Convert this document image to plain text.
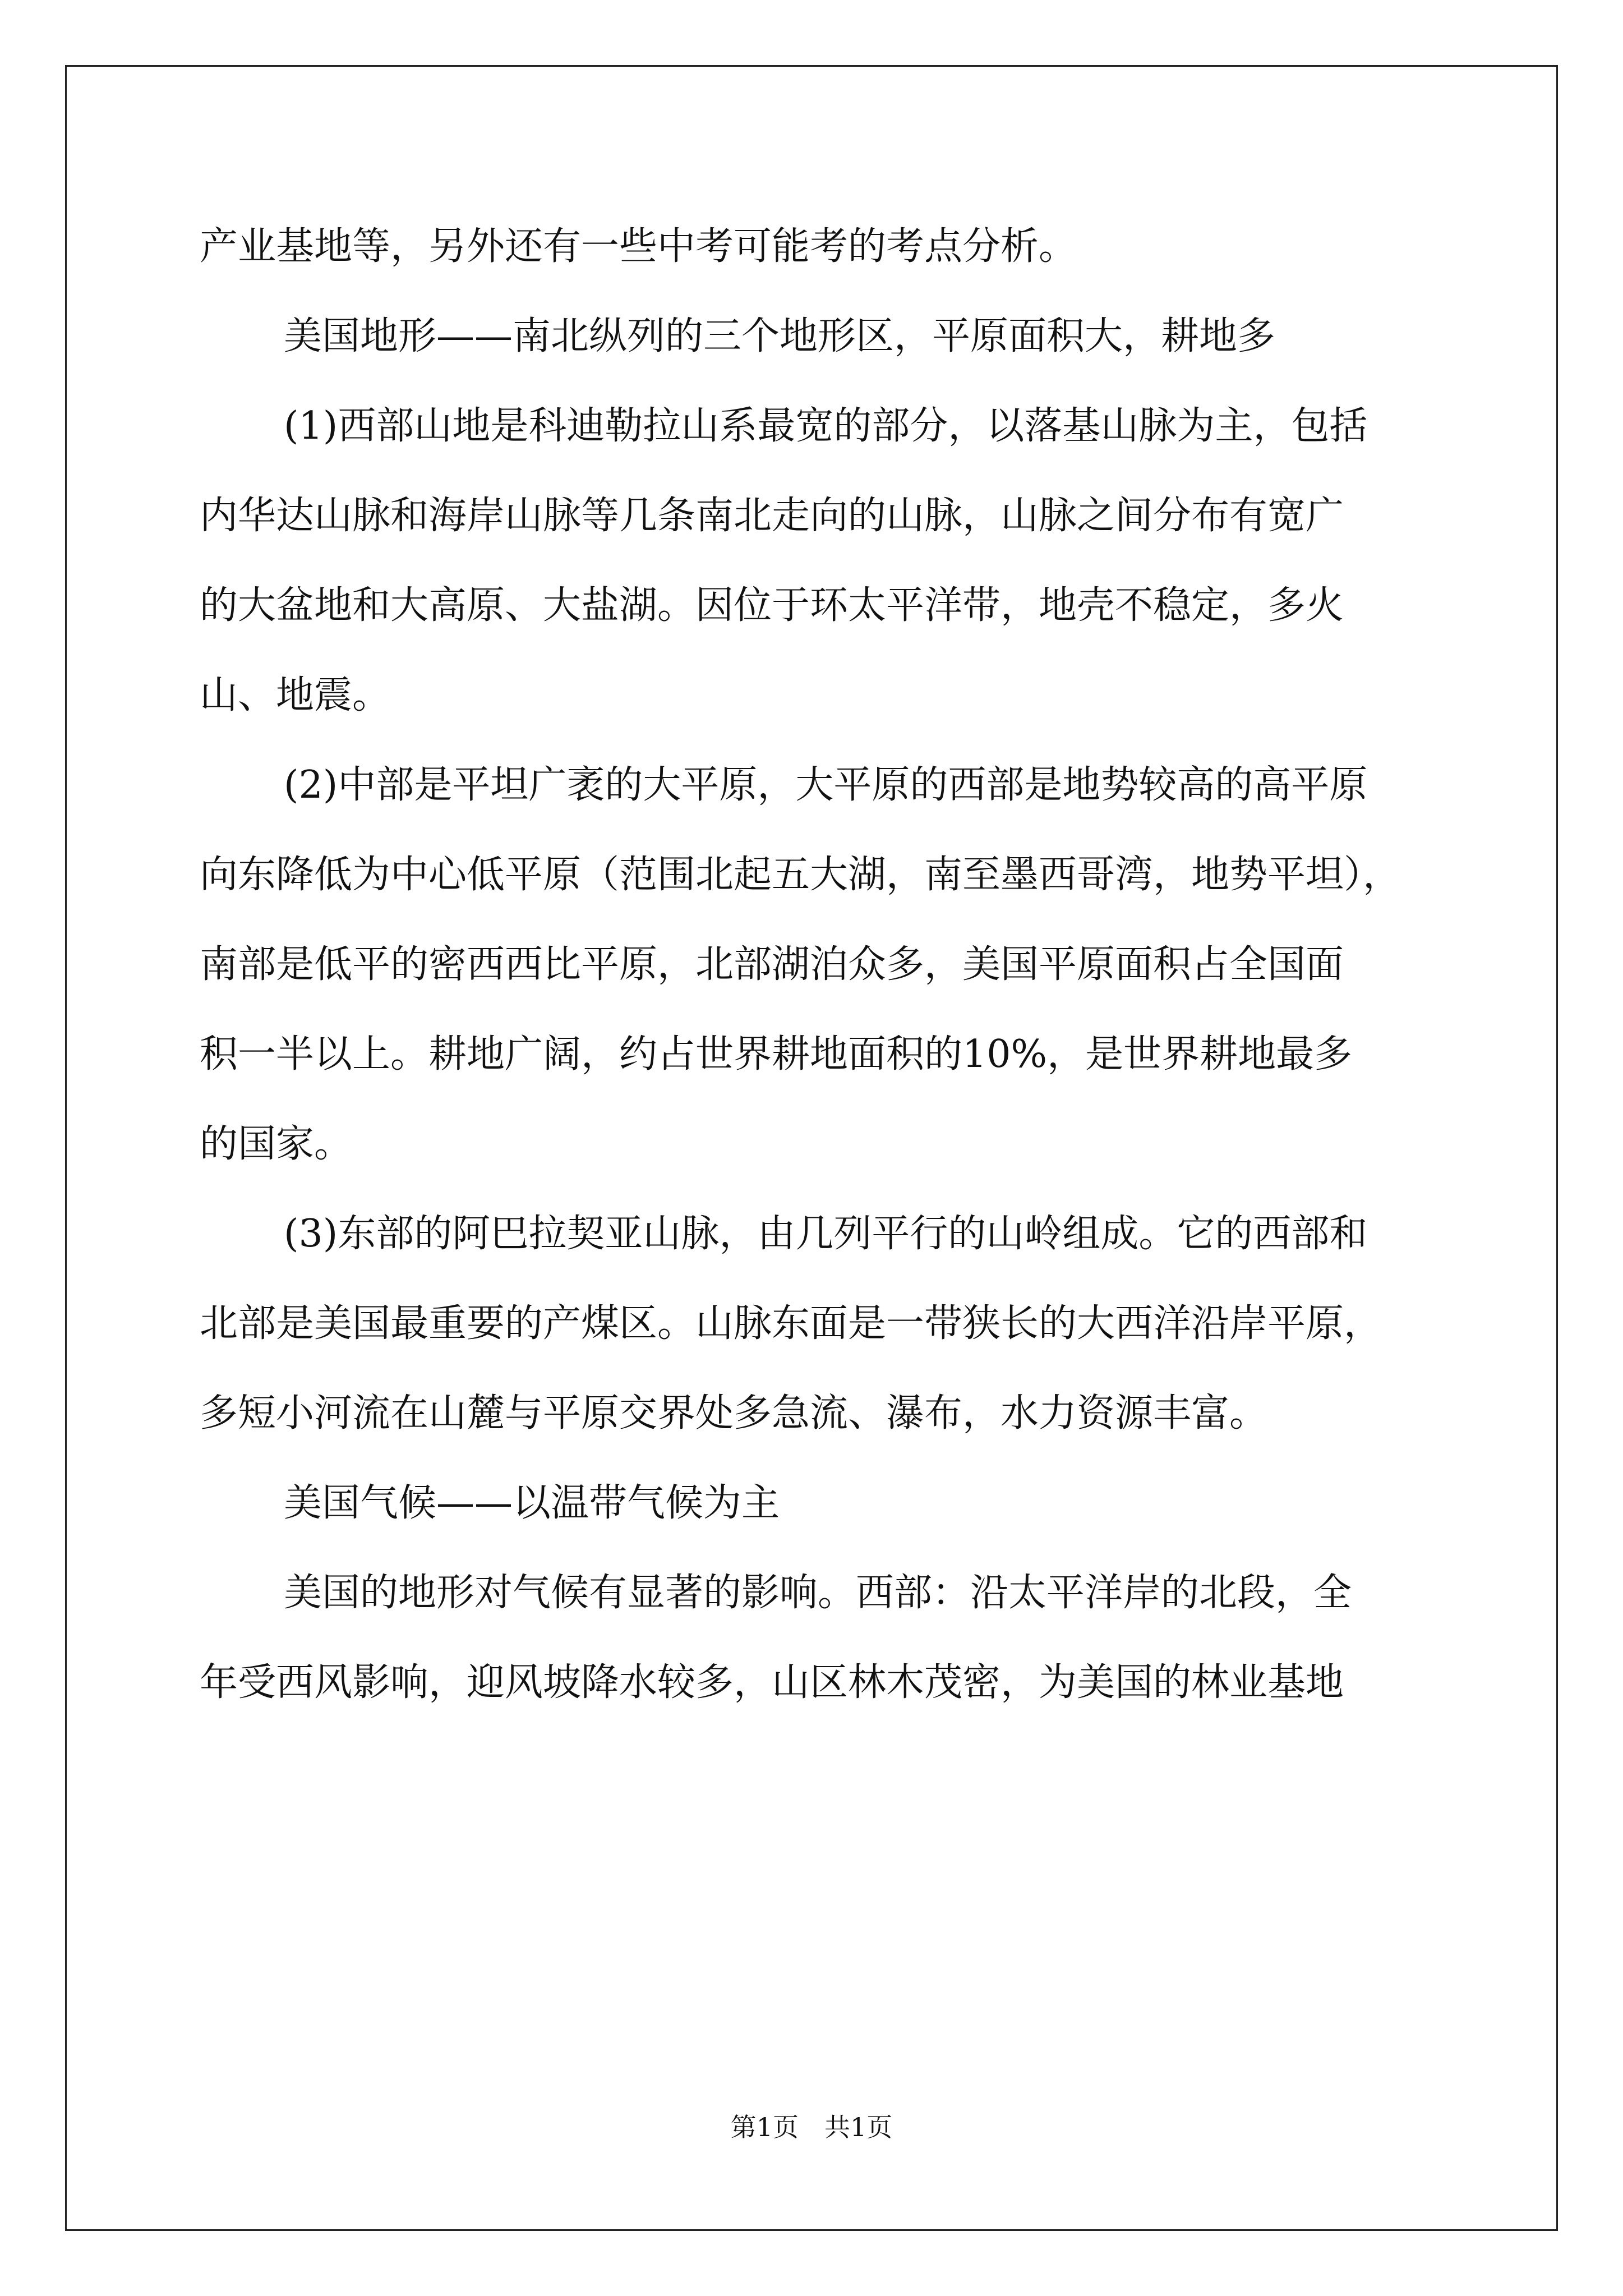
产业基地等，另外还有一些中考可能考的考点分析。
美国地形——南北纵列的三个地形区，平原面积大，耕地多
(1)西部山地是科迪勒拉山系最宽的部分，以落基山脉为主，包括
内华达山脉和海岸山脉等几条南北走向的山脉，山脉之间分布有宽广
的大盆地和大高原、大盐湖。因位于环太平洋带，地壳不稳定，多火
山、地震。
(2)中部是平坦广袤的大平原，大平原的西部是地势较高的高平原
向东降低为中心低平原（范围北起五大湖，南至墨西哥湾，地势平坦），
南部是低平的密西西比平原，北部湖泊众多，美国平原面积占全国面
积一半以上。耕地广阔，约占世界耕地面积的10%，是世界耕地最多
的国家。
(3)东部的阿巴拉契亚山脉，由几列平行的山岭组成。它的西部和
北部是美国最重要的产煤区。山脉东面是一带狭长的大西洋沿岸平原，
多短小河流在山麓与平原交界处多急流、瀑布，水力资源丰富。
美国气候——以温带气候为主
美国的地形对气候有显著的影响。西部：沿太平洋岸的北段，全
年受西风影响，迎风坡降水较多，山区林木茂密，为美国的林业基地
第1页　共1页
